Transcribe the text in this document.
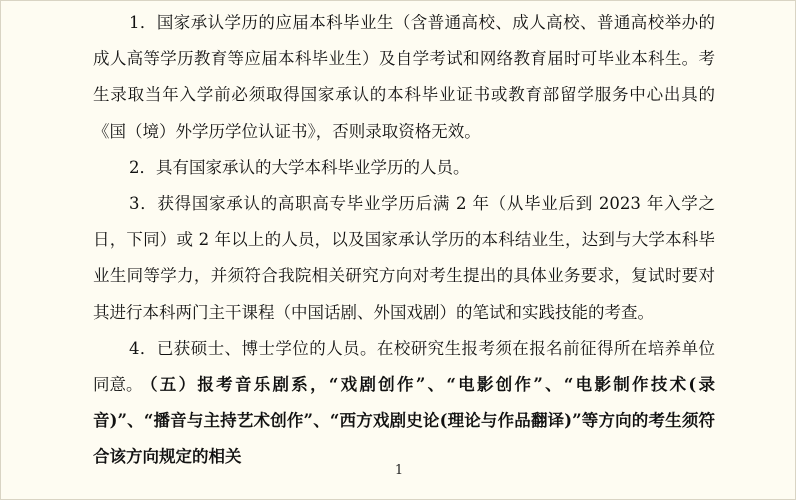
1．国家承认学历的应届本科毕业生（含普通高校、成人高校、普通高校举办的成人高等学历教育等应届本科毕业生）及自学考试和网络教育届时可毕业本科生。考生录取当年入学前必须取得国家承认的本科毕业证书或教育部留学服务中心出具的《国（境）外学历学位认证书》，否则录取资格无效。

2．具有国家承认的大学本科毕业学历的人员。

3．获得国家承认的高职高专毕业学历后满 2 年（从毕业后到 2023 年入学之日，下同）或 2 年以上的人员，以及国家承认学历的本科结业生，达到与大学本科毕业生同等学力，并须符合我院相关研究方向对考生提出的具体业务要求，复试时要对其进行本科两门主干课程（中国话剧、外国戏剧）的笔试和实践技能的考查。

4．已获硕士、博士学位的人员。在校研究生报考须在报名前征得所在培养单位同意。

（五）报考音乐剧系，“戏剧创作”、“电影创作”、“电影制作技术(录音)”、“播音与主持艺术创作”、“西方戏剧史论(理论与作品翻译)”等方向的考生须符合该方向规定的相关

1
